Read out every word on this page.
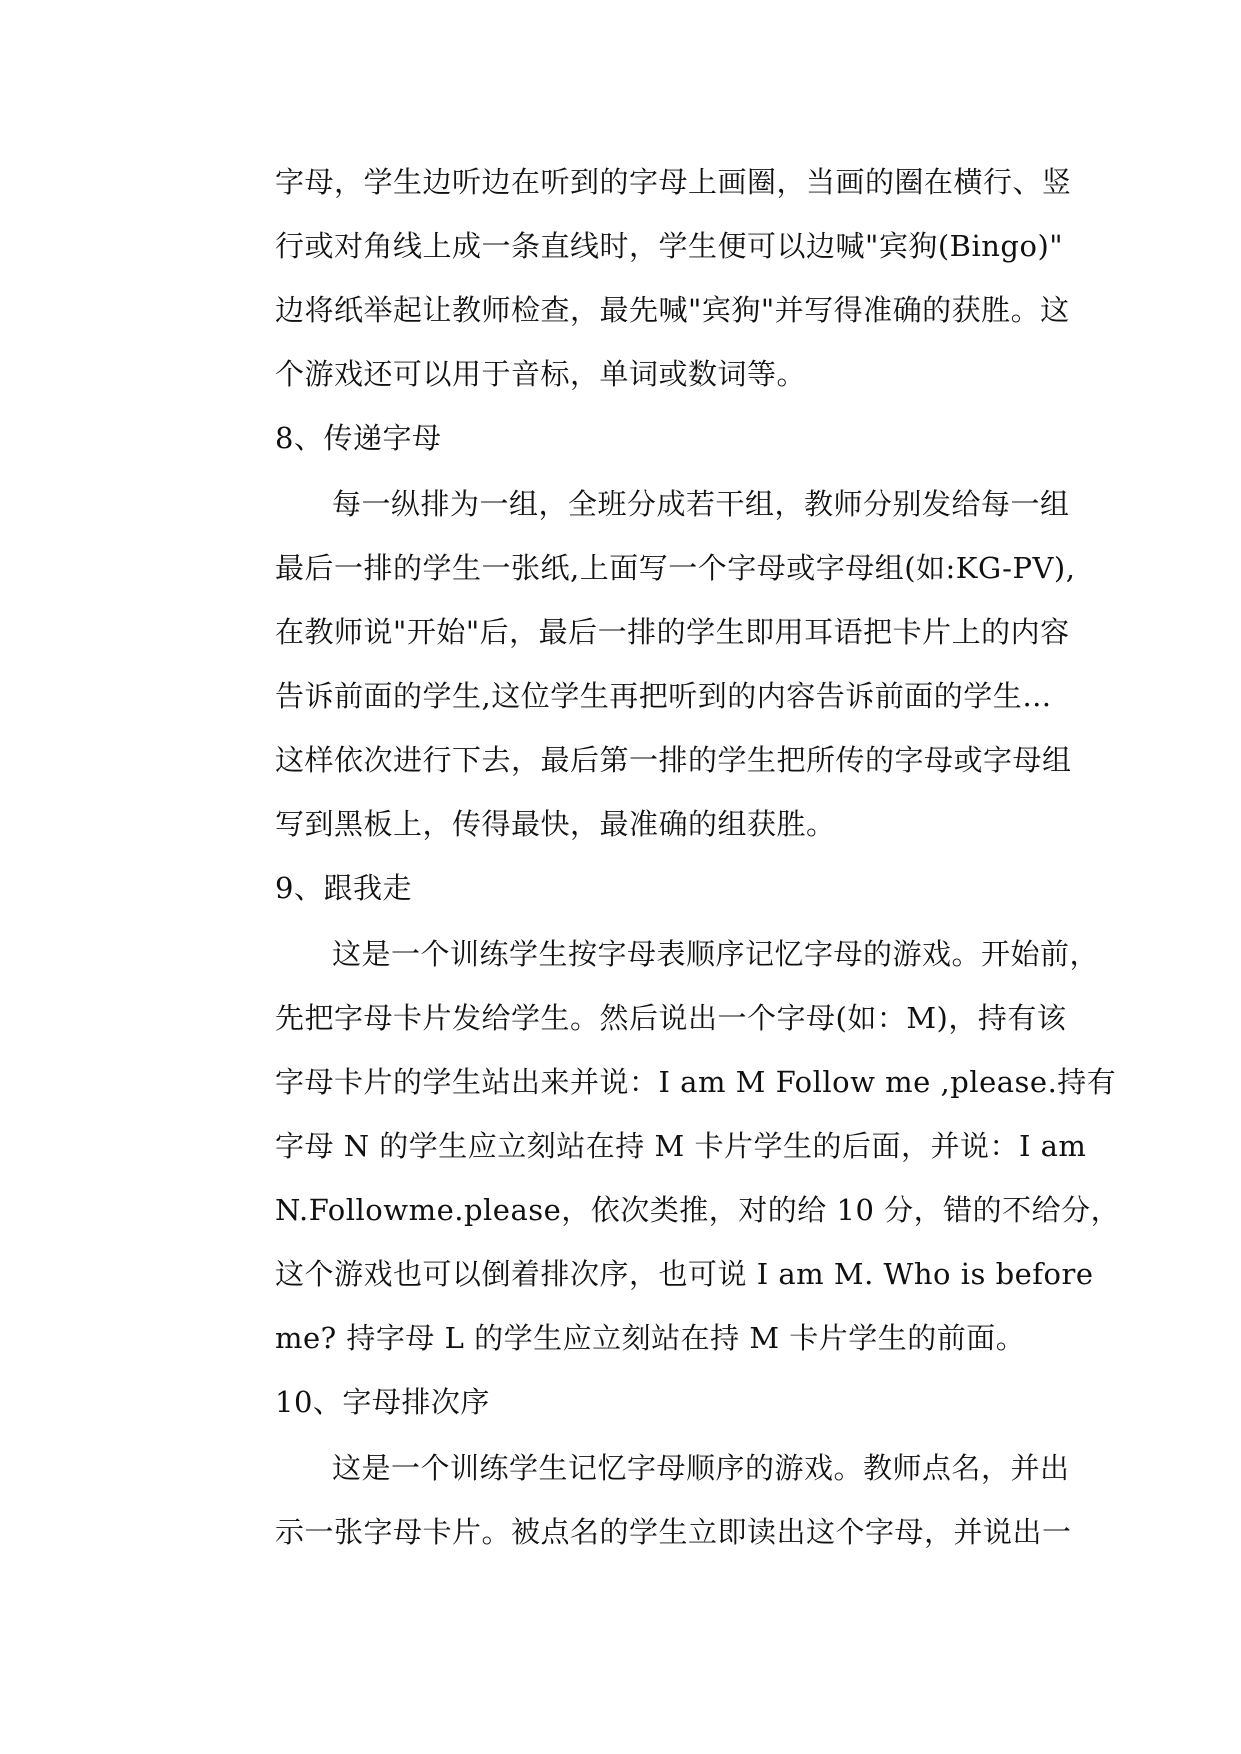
字母，学生边听边在听到的字母上画圈，当画的圈在横行、竖
行或对角线上成一条直线时，学生便可以边喊"宾狗(Bingo)"
边将纸举起让教师检查，最先喊"宾狗"并写得准确的获胜。这
个游戏还可以用于音标，单词或数词等。
8、传递字母
每一纵排为一组，全班分成若干组，教师分别发给每一组
最后一排的学生一张纸,上面写一个字母或字母组(如:KG-PV),
在教师说"开始"后，最后一排的学生即用耳语把卡片上的内容
告诉前面的学生,这位学生再把听到的内容告诉前面的学生…
这样依次进行下去，最后第一排的学生把所传的字母或字母组
写到黑板上，传得最快，最准确的组获胜。
9、跟我走
这是一个训练学生按字母表顺序记忆字母的游戏。开始前，
先把字母卡片发给学生。然后说出一个字母(如：M)，持有该
字母卡片的学生站出来并说：I am M Follow me ,please.持有
字母 N 的学生应立刻站在持 M 卡片学生的后面，并说：I am
N.Followme.please，依次类推，对的给 10 分，错的不给分，
这个游戏也可以倒着排次序，也可说 I am M. Who is before
me? 持字母 L 的学生应立刻站在持 M 卡片学生的前面。
10、字母排次序
这是一个训练学生记忆字母顺序的游戏。教师点名，并出
示一张字母卡片。被点名的学生立即读出这个字母，并说出一
